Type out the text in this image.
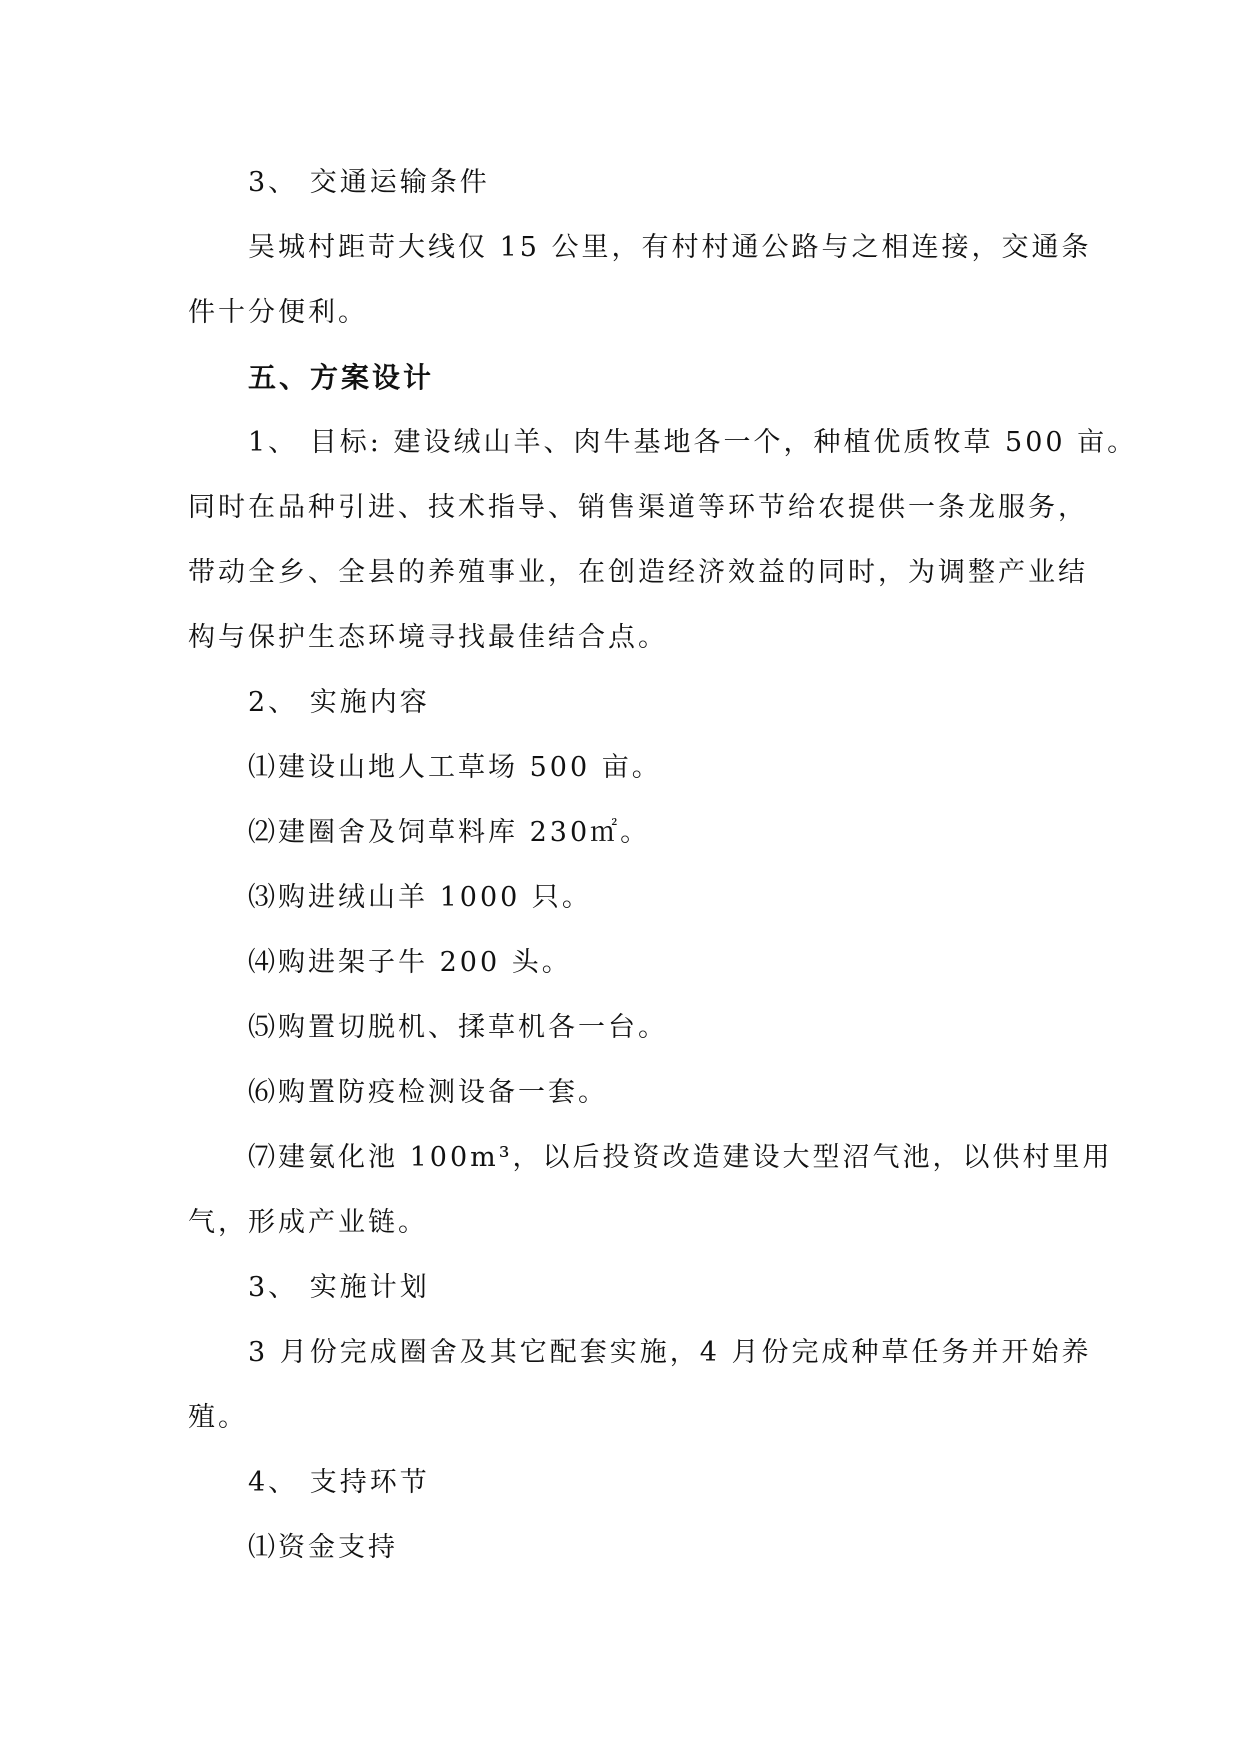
3、 交通运输条件

吴城村距苛大线仅 15 公里，有村村通公路与之相连接，交通条

件十分便利。

五、方案设计

1、 目标: 建设绒山羊、肉牛基地各一个，种植优质牧草 500 亩。

同时在品种引进、技术指导、销售渠道等环节给农提供一条龙服务，

带动全乡、全县的养殖事业，在创造经济效益的同时，为调整产业结

构与保护生态环境寻找最佳结合点。

2、 实施内容

⑴建设山地人工草场 500 亩。

⑵建圈舍及饲草料库 230㎡。

⑶购进绒山羊 1000 只。

⑷购进架子牛 200 头。

⑸购置切脱机、揉草机各一台。

⑹购置防疫检测设备一套。

⑺建氨化池 100m³，以后投资改造建设大型沼气池，以供村里用

气，形成产业链。

3、 实施计划

3 月份完成圈舍及其它配套实施，4 月份完成种草任务并开始养

殖。

4、 支持环节

⑴资金支持
